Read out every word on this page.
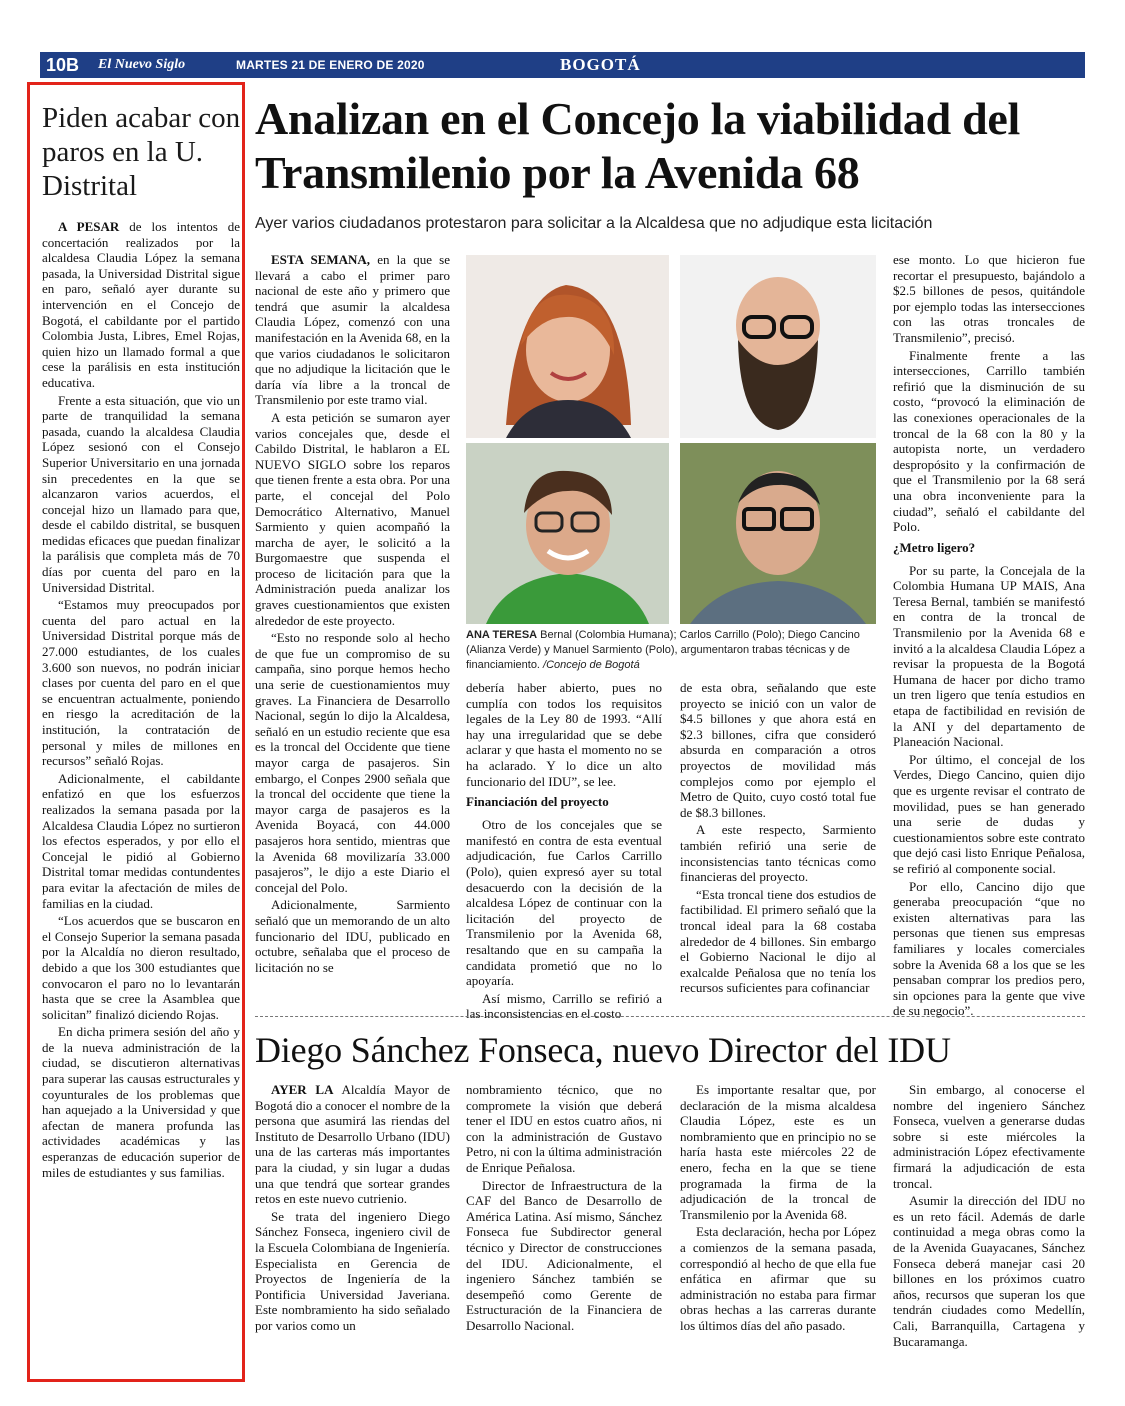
10B	El Nuevo Siglo	MARTES 21 DE ENERO DE 2020	BOGOTÁ
Piden acabar con paros en la U. Distrital

A PESAR de los intentos de concertación realizados por la alcaldesa Claudia López la semana pasada, la Universidad Distrital sigue en paro, señaló ayer durante su intervención en el Concejo de Bogotá, el cabildante por el partido Colombia Justa, Libres, Emel Rojas, quien hizo un llamado formal a que cese la parálisis en esta institución educativa.

Frente a esta situación, que vio un parte de tranquilidad la semana pasada, cuando la alcaldesa Claudia López sesionó con el Consejo Superior Universitario en una jornada sin precedentes en la que se alcanzaron varios acuerdos, el concejal hizo un llamado para que, desde el cabildo distrital, se busquen medidas eficaces que puedan finalizar la parálisis que completa más de 70 días por cuenta del paro en la Universidad Distrital.

“Estamos muy preocupados por cuenta del paro actual en la Universidad Distrital porque más de 27.000 estudiantes, de los cuales 3.600 son nuevos, no podrán iniciar clases por cuenta del paro en el que se encuentran actualmente, poniendo en riesgo la acreditación de la institución, la contratación de personal y miles de millones en recursos” señaló Rojas.

Adicionalmente, el cabildante enfatizó en que los esfuerzos realizados la semana pasada por la Alcaldesa Claudia López no surtieron los efectos esperados, y por ello el Concejal le pidió al Gobierno Distrital tomar medidas contundentes para evitar la afectación de miles de familias en la ciudad.

“Los acuerdos que se buscaron en el Consejo Superior la semana pasada por la Alcaldía no dieron resultado, debido a que los 300 estudiantes que convocaron el paro no lo levantarán hasta que se cree la Asamblea que solicitan” finalizó diciendo Rojas.

En dicha primera sesión del año y de la nueva administración de la ciudad, se discutieron alternativas para superar las causas estructurales y coyunturales de los problemas que han aquejado a la Universidad y que afectan de manera profunda las actividades académicas y las esperanzas de educación superior de miles de estudiantes y sus familias.

Analizan en el Concejo la viabilidad del Transmilenio por la Avenida 68
Ayer varios ciudadanos protestaron para solicitar a la Alcaldesa que no adjudique esta licitación

ESTA SEMANA, en la que se llevará a cabo el primer paro nacional de este año y primero que tendrá que asumir la alcaldesa Claudia López, comenzó con una manifestación en la Avenida 68, en la que varios ciudadanos le solicitaron que no adjudique la licitación que le daría vía libre a la troncal de Transmilenio por este tramo vial.

A esta petición se sumaron ayer varios concejales que, desde el Cabildo Distrital, le hablaron a EL NUEVO SIGLO sobre los reparos que tienen frente a esta obra. Por una parte, el concejal del Polo Democrático Alternativo, Manuel Sarmiento y quien acompañó la marcha de ayer, le solicitó a la Burgomaestre que suspenda el proceso de licitación para que la Administración pueda analizar los graves cuestionamientos que existen alrededor de este proyecto.

“Esto no responde solo al hecho de que fue un compromiso de su campaña, sino porque hemos hecho una serie de cuestionamientos muy graves. La Financiera de Desarrollo Nacional, según lo dijo la Alcaldesa, señaló en un estudio reciente que esa es la troncal del Occidente que tiene mayor carga de pasajeros. Sin embargo, el Conpes 2900 señala que la troncal del occidente que tiene la mayor carga de pasajeros es la Avenida Boyacá, con 44.000 pasajeros hora sentido, mientras que la Avenida 68 movilizaría 33.000 pasajeros”, le dijo a este Diario el concejal del Polo.

Adicionalmente, Sarmiento señaló que un memorando de un alto funcionario del IDU, publicado en octubre, señalaba que el proceso de licitación no se

ANA TERESA Bernal (Colombia Humana); Carlos Carrillo (Polo); Diego Cancino (Alianza Verde) y Manuel Sarmiento (Polo), argumentaron trabas técnicas y de financiamiento. /Concejo de Bogotá

debería haber abierto, pues no cumplía con todos los requisitos legales de la Ley 80 de 1993. “Allí hay una irregularidad que se debe aclarar y que hasta el momento no se ha aclarado. Y lo dice un alto funcionario del IDU”, se lee.

Financiación del proyecto

Otro de los concejales que se manifestó en contra de esta eventual adjudicación, fue Carlos Carrillo (Polo), quien expresó ayer su total desacuerdo con la decisión de la alcaldesa López de continuar con la licitación del proyecto de Transmilenio por la Avenida 68, resaltando que en su campaña la candidata prometió que no lo apoyaría.

Así mismo, Carrillo se refirió a las inconsistencias en el costo

de esta obra, señalando que este proyecto se inició con un valor de $4.5 billones y que ahora está en $2.3 billones, cifra que consideró absurda en comparación a otros proyectos de movilidad más complejos como por ejemplo el Metro de Quito, cuyo costó total fue de $8.3 billones.

A este respecto, Sarmiento también refirió una serie de inconsistencias tanto técnicas como financieras del proyecto.

“Esta troncal tiene dos estudios de factibilidad. El primero señaló que la troncal ideal para la 68 costaba alrededor de 4 billones. Sin embargo el Gobierno Nacional le dijo al exalcalde Peñalosa que no tenía los recursos suficientes para cofinanciar

ese monto. Lo que hicieron fue recortar el presupuesto, bajándolo a $2.5 billones de pesos, quitándole por ejemplo todas las intersecciones con las otras troncales de Transmilenio”, precisó.

Finalmente frente a las intersecciones, Carrillo también refirió que la disminución de su costo, “provocó la eliminación de las conexiones operacionales de la troncal de la 68 con la 80 y la autopista norte, un verdadero despropósito y la confirmación de que el Transmilenio por la 68 será una obra inconveniente para la ciudad”, señaló el cabildante del Polo.

¿Metro ligero?

Por su parte, la Concejala de la Colombia Humana UP MAIS, Ana Teresa Bernal, también se manifestó en contra de la troncal de Transmilenio por la Avenida 68 e invitó a la alcaldesa Claudia López a revisar la propuesta de la Bogotá Humana de hacer por dicho tramo un tren ligero que tenía estudios en etapa de factibilidad en revisión de la ANI y del departamento de Planeación Nacional.

Por último, el concejal de los Verdes, Diego Cancino, quien dijo que es urgente revisar el contrato de movilidad, pues se han generado una serie de dudas y cuestionamientos sobre este contrato que dejó casi listo Enrique Peñalosa, se refirió al componente social.

Por ello, Cancino dijo que generaba preocupación “que no existen alternativas para las personas que tienen sus empresas familiares y locales comerciales sobre la Avenida 68 a los que se les pensaban comprar los predios pero, sin opciones para la gente que vive de su negocio”.

Diego Sánchez Fonseca, nuevo Director del IDU

AYER LA Alcaldía Mayor de Bogotá dio a conocer el nombre de la persona que asumirá las riendas del Instituto de Desarrollo Urbano (IDU) una de las carteras más importantes para la ciudad, y sin lugar a dudas una que tendrá que sortear grandes retos en este nuevo cutrienio.

Se trata del ingeniero Diego Sánchez Fonseca, ingeniero civil de la Escuela Colombiana de Ingeniería. Especialista en Gerencia de Proyectos de Ingeniería de la Pontificia Universidad Javeriana. Este nombramiento ha sido señalado por varios como un

nombramiento técnico, que no compromete la visión que deberá tener el IDU en estos cuatro años, ni con la administración de Gustavo Petro, ni con la última administración de Enrique Peñalosa.

Director de Infraestructura de la CAF del Banco de Desarrollo de América Latina. Así mismo, Sánchez Fonseca fue Subdirector general técnico y Director de construcciones del IDU. Adicionalmente, el ingeniero Sánchez también se desempeñó como Gerente de Estructuración de la Financiera de Desarrollo Nacional.

Es importante resaltar que, por declaración de la misma alcaldesa Claudia López, este es un nombramiento que en principio no se haría hasta este miércoles 22 de enero, fecha en la que se tiene programada la firma de la adjudicación de la troncal de Transmilenio por la Avenida 68.

Esta declaración, hecha por López a comienzos de la semana pasada, correspondió al hecho de que ella fue enfática en afirmar que su administración no estaba para firmar obras hechas a las carreras durante los últimos días del año pasado.

Sin embargo, al conocerse el nombre del ingeniero Sánchez Fonseca, vuelven a generarse dudas sobre si este miércoles la administración López efectivamente firmará la adjudicación de esta troncal.

Asumir la dirección del IDU no es un reto fácil. Además de darle continuidad a mega obras como la de la Avenida Guayacanes, Sánchez Fonseca deberá manejar casi 20 billones en los próximos cuatro años, recursos que superan los que tendrán ciudades como Medellín, Cali, Barranquilla, Cartagena y Bucaramanga.
